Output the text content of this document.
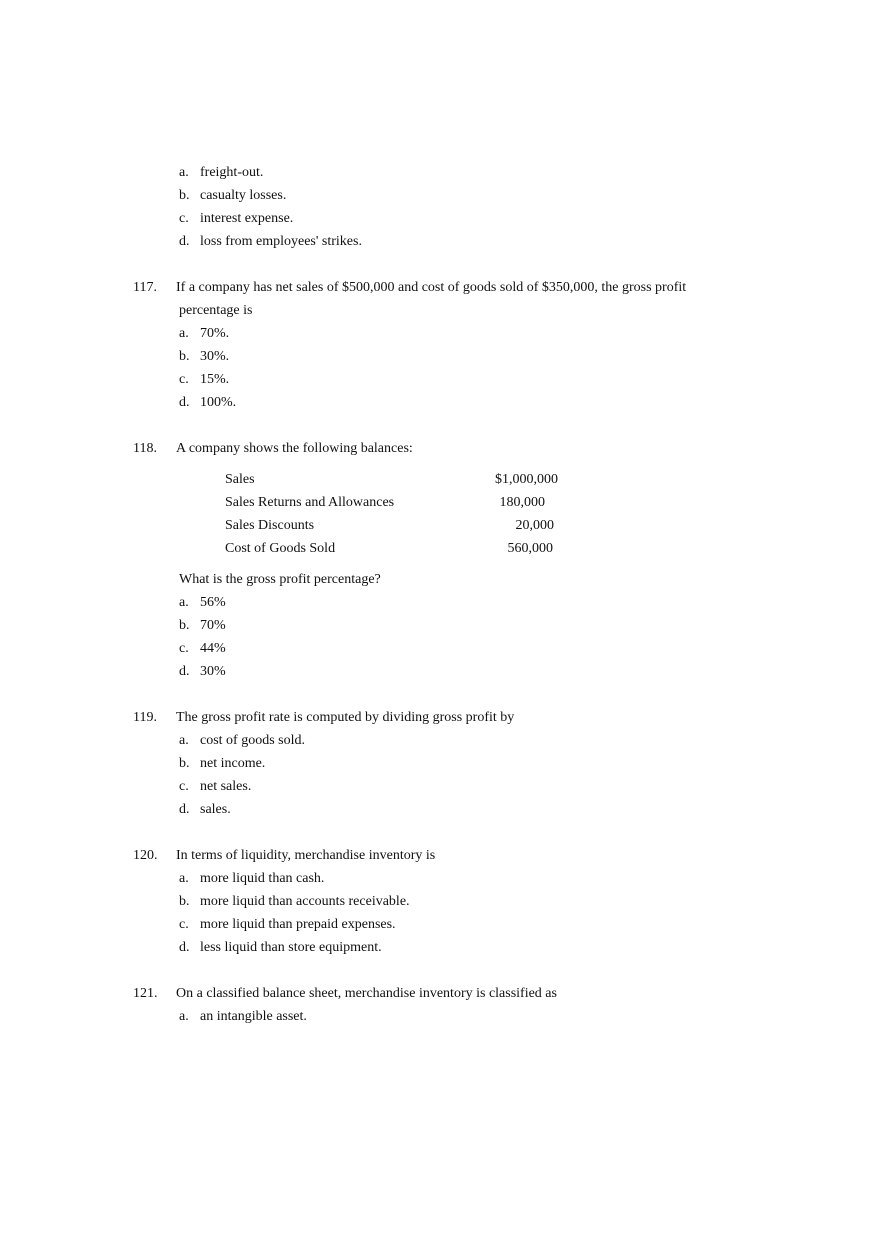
a. freight-out.
b. casualty losses.
c. interest expense.
d. loss from employees' strikes.
117. If a company has net sales of $500,000 and cost of goods sold of $350,000, the gross profit
percentage is
a. 70%.
b. 30%.
c. 15%.
d. 100%.
118. A company shows the following balances:
Sales	$1,000,000
Sales Returns and Allowances	180,000
Sales Discounts	20,000
Cost of Goods Sold	560,000
What is the gross profit percentage?
a. 56%
b. 70%
c. 44%
d. 30%
119. The gross profit rate is computed by dividing gross profit by
a. cost of goods sold.
b. net income.
c. net sales.
d. sales.
120. In terms of liquidity, merchandise inventory is
a. more liquid than cash.
b. more liquid than accounts receivable.
c. more liquid than prepaid expenses.
d. less liquid than store equipment.
121. On a classified balance sheet, merchandise inventory is classified as
a. an intangible asset.
